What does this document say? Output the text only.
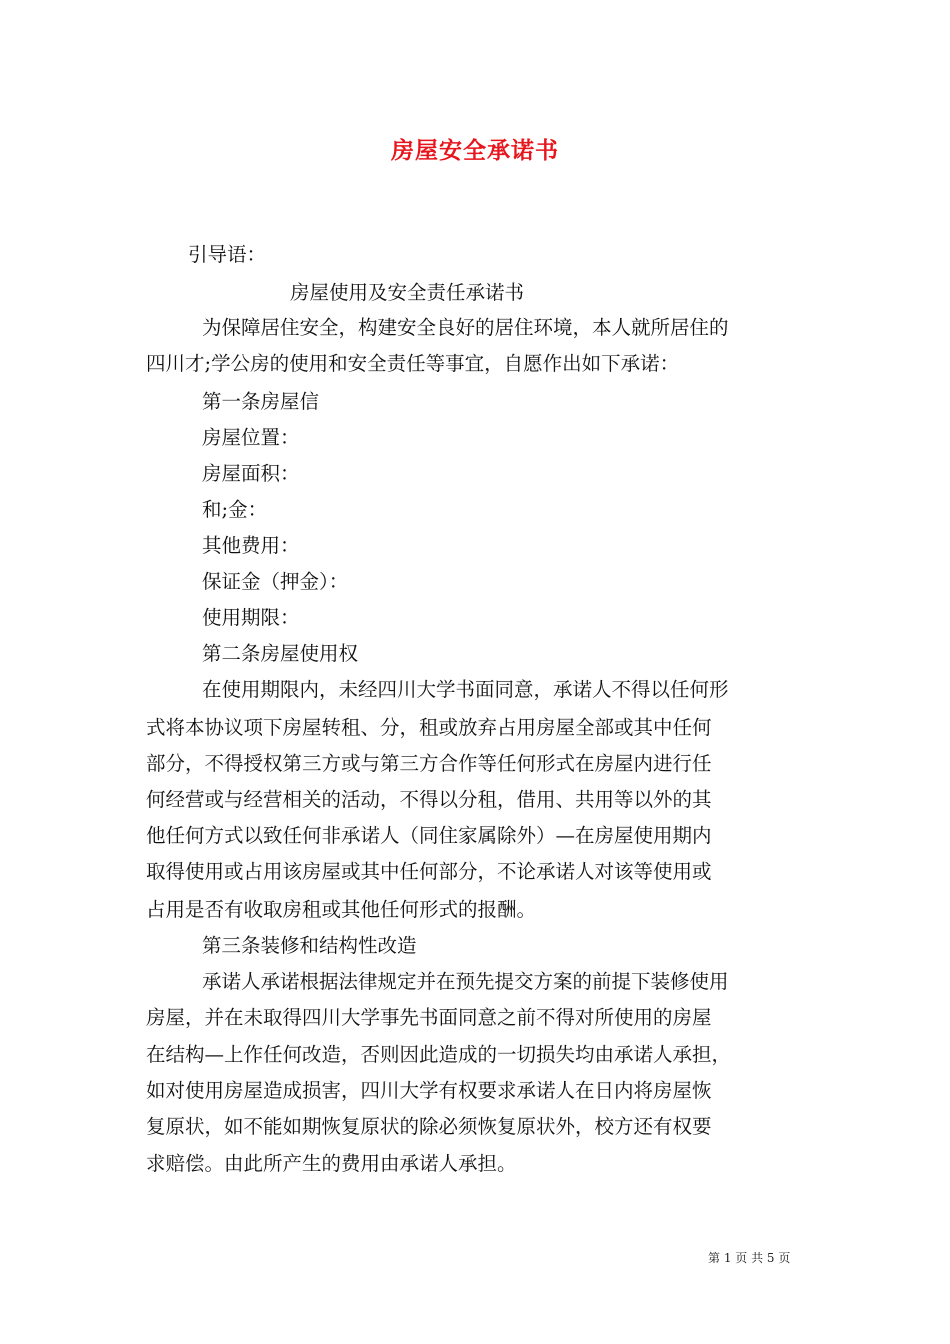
房屋安全承诺书

引导语：

房屋使用及安全责任承诺书

为保障居住安全，构建安全良好的居住环境，本人就所居住的

四川才;学公房的使用和安全责任等事宜，自愿作出如下承诺：

第一条房屋信

房屋位置：

房屋面积：

和;金：

其他费用：

保证金（押金）：

使用期限：

第二条房屋使用权

在使用期限内，未经四川大学书面同意，承诺人不得以任何形

式将本协议项下房屋转租、分，租或放弃占用房屋全部或其中任何

部分，不得授权第三方或与第三方合作等任何形式在房屋内进行任

何经营或与经营相关的活动，不得以分租，借用、共用等以外的其

他任何方式以致任何非承诺人（同住家属除外）—在房屋使用期内

取得使用或占用该房屋或其中任何部分，不论承诺人对该等使用或

占用是否有收取房租或其他任何形式的报酬。

第三条装修和结构性改造

承诺人承诺根据法律规定并在预先提交方案的前提下装修使用

房屋，并在未取得四川大学事先书面同意之前不得对所使用的房屋

在结构—上作任何改造，否则因此造成的一切损失均由承诺人承担，

如对使用房屋造成损害，四川大学有权要求承诺人在日内将房屋恢

复原状，如不能如期恢复原状的除必须恢复原状外，校方还有权要

求赔偿。由此所产生的费用由承诺人承担。

第 1 页 共 5 页
